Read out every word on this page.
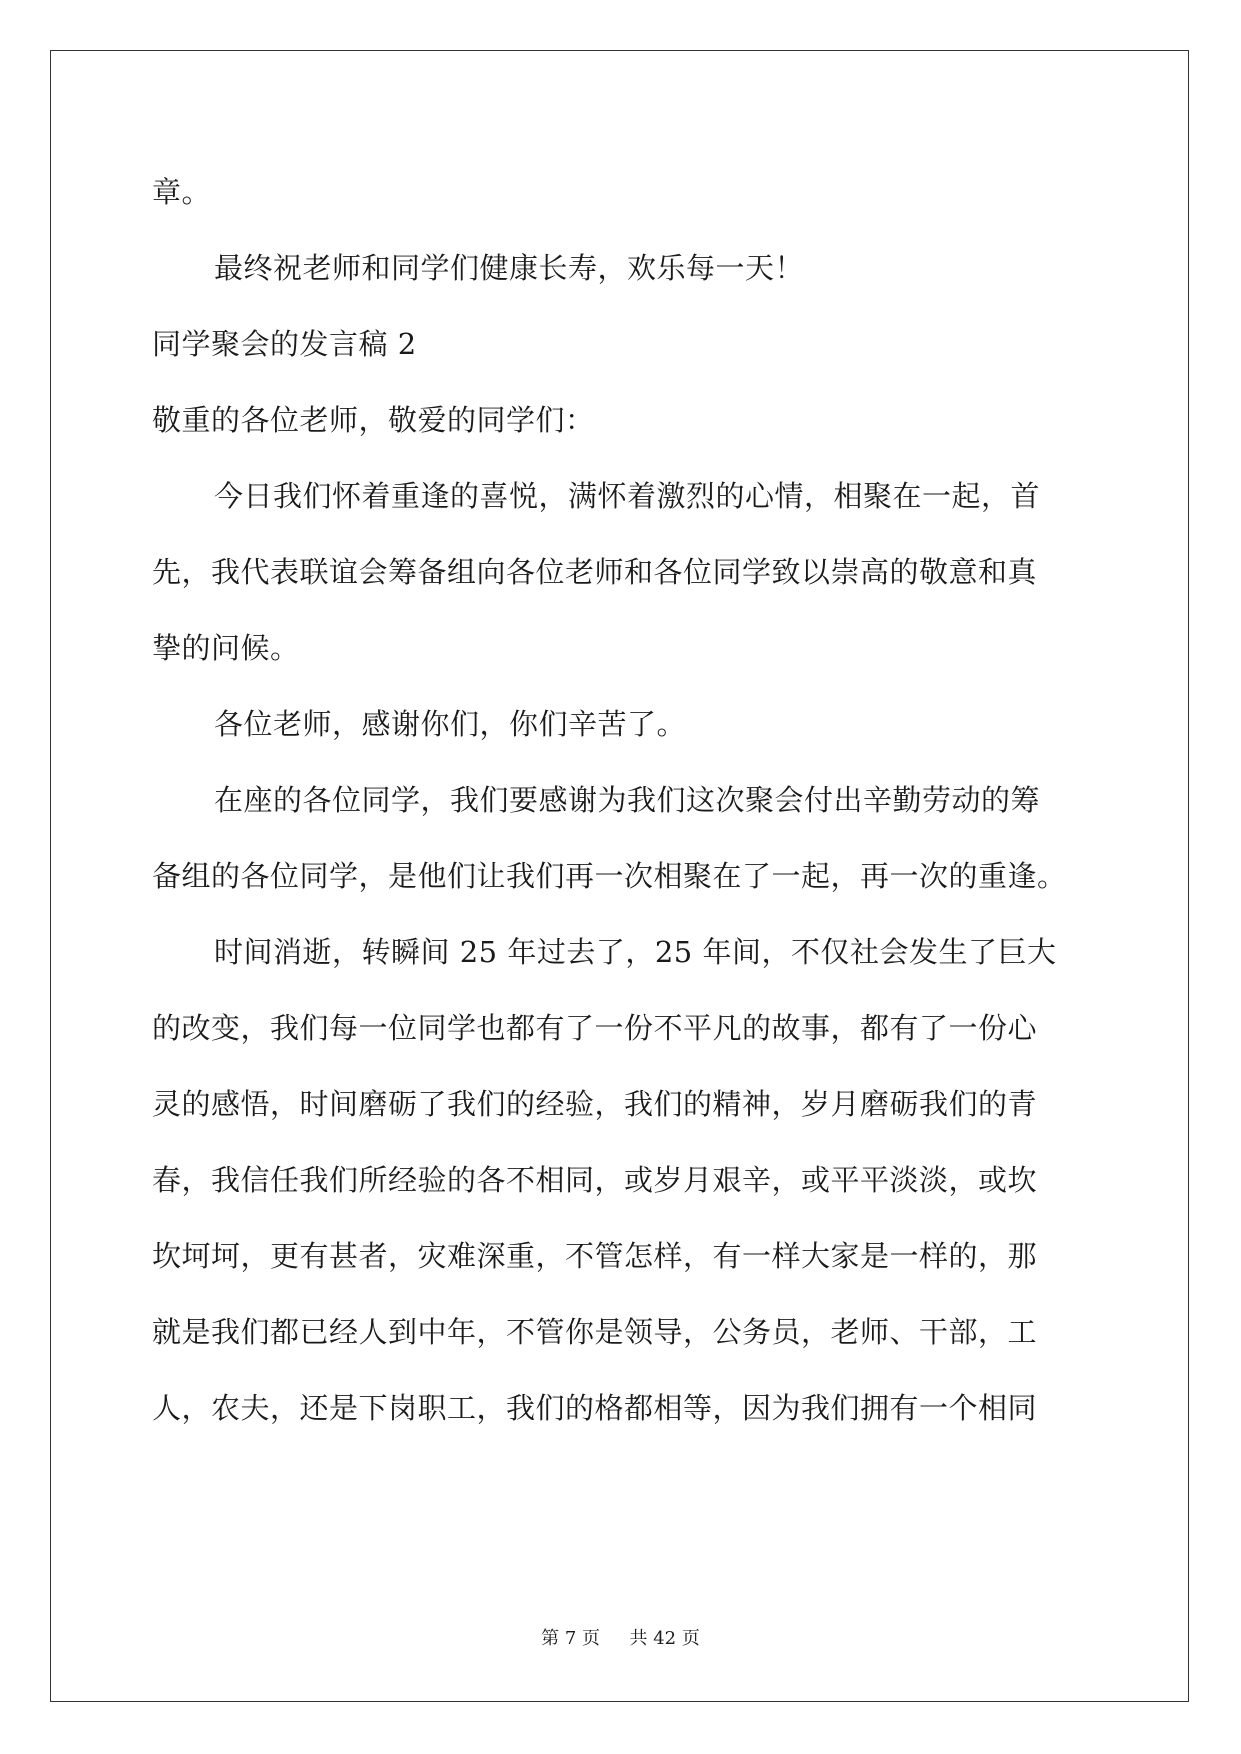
章。
最终祝老师和同学们健康长寿，欢乐每一天！
同学聚会的发言稿 2
敬重的各位老师，敬爱的同学们：
今日我们怀着重逢的喜悦，满怀着激烈的心情，相聚在一起，首
先，我代表联谊会筹备组向各位老师和各位同学致以崇高的敬意和真
挚的问候。
各位老师，感谢你们，你们辛苦了。
在座的各位同学，我们要感谢为我们这次聚会付出辛勤劳动的筹
备组的各位同学，是他们让我们再一次相聚在了一起，再一次的重逢。
时间消逝，转瞬间 25 年过去了，25 年间，不仅社会发生了巨大
的改变，我们每一位同学也都有了一份不平凡的故事，都有了一份心
灵的感悟，时间磨砺了我们的经验，我们的精神，岁月磨砺我们的青
春，我信任我们所经验的各不相同，或岁月艰辛，或平平淡淡，或坎
坎坷坷，更有甚者，灾难深重，不管怎样，有一样大家是一样的，那
就是我们都已经人到中年，不管你是领导，公务员，老师、干部，工
人，农夫，还是下岗职工，我们的格都相等，因为我们拥有一个相同
第 7 页 共 42 页
